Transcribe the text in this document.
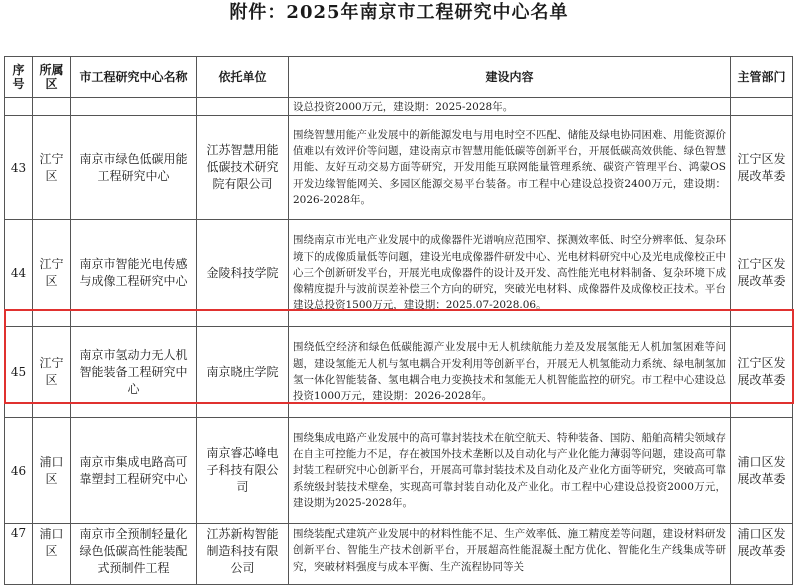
附件：2025年南京市工程研究中心名单
序号	所属区	市工程研究中心名称	依托单位	建设内容	主管部门
				设总投资2000万元，建设期：2025-2028年。	
43	江宁区	南京市绿色低碳用能工程研究中心	江苏智慧用能低碳技术研究院有限公司	围绕智慧用能产业发展中的新能源发电与用电时空不匹配、储能及绿电协同困难、用能资源价值难以有效评价等问题，建设南京市智慧用能低碳等创新平台，开展低碳高效供能、绿色智慧用能、友好互动交易方面等研究，开发用能互联网能量管理系统、碳资产管理平台、鸿蒙OS开发边缘智能网关、多园区能源交易平台装备。市工程中心建设总投资2400万元，建设期：2026-2028年。	江宁区发展改革委
44	江宁区	南京市智能光电传感与成像工程研究中心	金陵科技学院	围绕南京市光电产业发展中的成像器件光谱响应范围窄、探测效率低、时空分辨率低、复杂环境下的成像质量低等问题，建设光电成像器件研发中心、光电材料研究中心及光电成像校正中心三个创新研发平台，开展光电成像器件的设计及开发、高性能光电材料制备、复杂环境下成像精度提升与波前误差补偿三个方向的研究，突破光电材料、成像器件及成像校正技术。平台建设总投资1500万元，建设期：2025.07-2028.06。	江宁区发展改革委
45	江宁区	南京市氢动力无人机智能装备工程研究中心	南京晓庄学院	围绕低空经济和绿色低碳能源产业发展中无人机续航能力差及发展氢能无人机加氢困难等问题，建设氢能无人机与氢电耦合开发利用等创新平台，开展无人机氢能动力系统、绿电制氢加氢一体化智能装备、氢电耦合电力变换技术和氢能无人机智能监控的研究。市工程中心建设总投资1000万元，建设期：2026-2028年。	江宁区发展改革委
46	浦口区	南京市集成电路高可靠塑封工程研究中心	南京睿芯峰电子科技有限公司	围绕集成电路产业发展中的高可靠封装技术在航空航天、特种装备、国防、船舶高精尖领域存在自主可控能力不足，存在被国外技术垄断以及自动化与产业化能力薄弱等问题，建设高可靠封装工程研究中心创新平台，开展高可靠封装技术及自动化及产业化方面等研究，突破高可靠系统级封装技术壁垒，实现高可靠封装自动化及产业化。市工程中心建设总投资2000万元，建设期为2025-2028年。	浦口区发展改革委
47	浦口区	南京市全预制轻量化绿色低碳高性能装配式预制件工程	江苏新构智能制造科技有限公司	围绕装配式建筑产业发展中的材料性能不足、生产效率低、施工精度差等问题，建设材料研发创新平台、智能生产技术创新平台，开展超高性能混凝土配方优化、智能化生产线集成等研究，突破材料强度与成本平衡、生产流程协同等关	浦口区发展改革委
